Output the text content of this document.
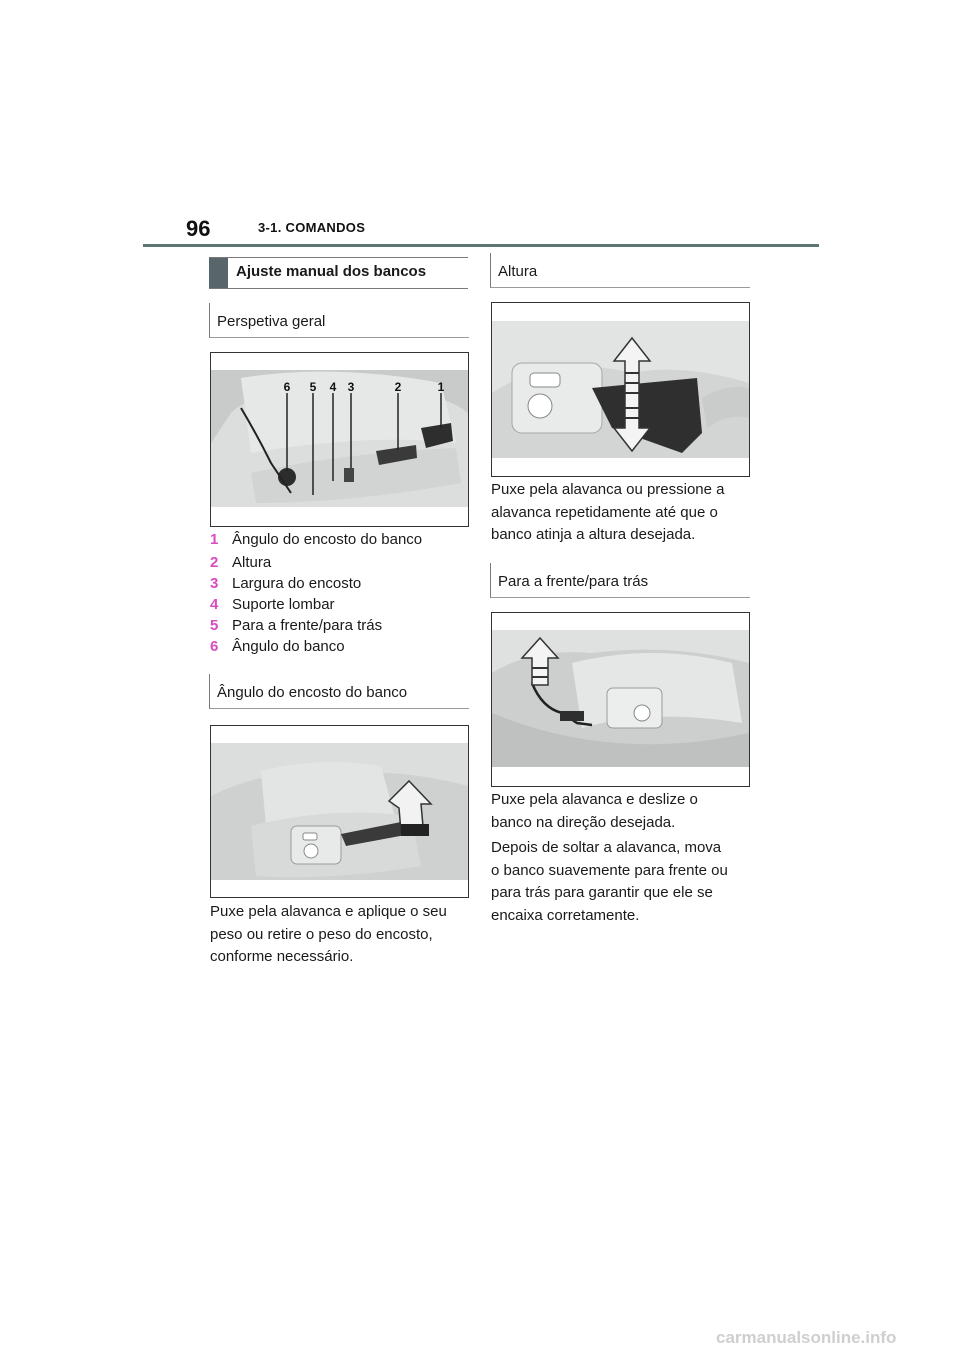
96	3-1. COMANDOS
Ajuste manual dos bancos
Perspetiva geral
6 5 4 3	2	1
1 Ângulo do encosto do banco
2 Altura
3 Largura do encosto
4 Suporte lombar
5 Para a frente/para trás
6 Ângulo do banco
Ângulo do encosto do banco
Puxe pela alavanca e aplique o seu
peso ou retire o peso do encosto,
conforme necessário.
Altura
Puxe pela alavanca ou pressione a
alavanca repetidamente até que o
banco atinja a altura desejada.
Para a frente/para trás
Puxe pela alavanca e deslize o
banco na direção desejada.
Depois de soltar a alavanca, mova
o banco suavemente para frente ou
para trás para garantir que ele se
encaixa corretamente.
carmanualsonline.info
